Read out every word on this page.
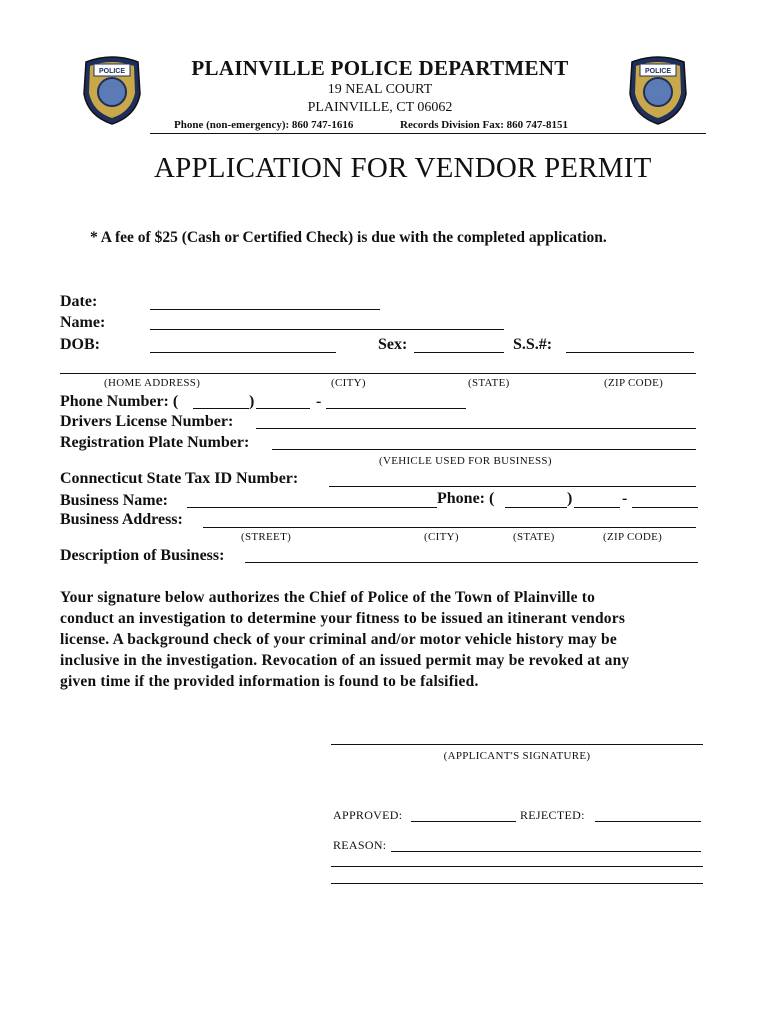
POLICE	POLICE
PLAINVILLE POLICE DEPARTMENT
19 NEAL COURT
PLAINVILLE, CT 06062
Phone (non-emergency): 860 747-1616	Records Division Fax: 860 747-8151
APPLICATION FOR VENDOR PERMIT
* A fee of $25 (Cash or Certified Check) is due with the completed application.
Date:
Name:
DOB:	Sex:	S.S.#:
(HOME ADDRESS)	(CITY)	(STATE)	(ZIP CODE)
Phone Number: (	)	-
Drivers License Number:
Registration Plate Number:
(VEHICLE USED FOR BUSINESS)
Connecticut State Tax ID Number:
Business Name:	Phone: (	)	-
Business Address:
(STREET)	(CITY)	(STATE)	(ZIP CODE)
Description of Business:
Your signature below authorizes the Chief of Police of the Town of Plainville to
conduct an investigation to determine your fitness to be issued an itinerant vendors
license. A background check of your criminal and/or motor vehicle history may be
inclusive in the investigation. Revocation of an issued permit may be revoked at any
given time if the provided information is found to be falsified.
(APPLICANT'S SIGNATURE)
APPROVED:	REJECTED:
REASON:
